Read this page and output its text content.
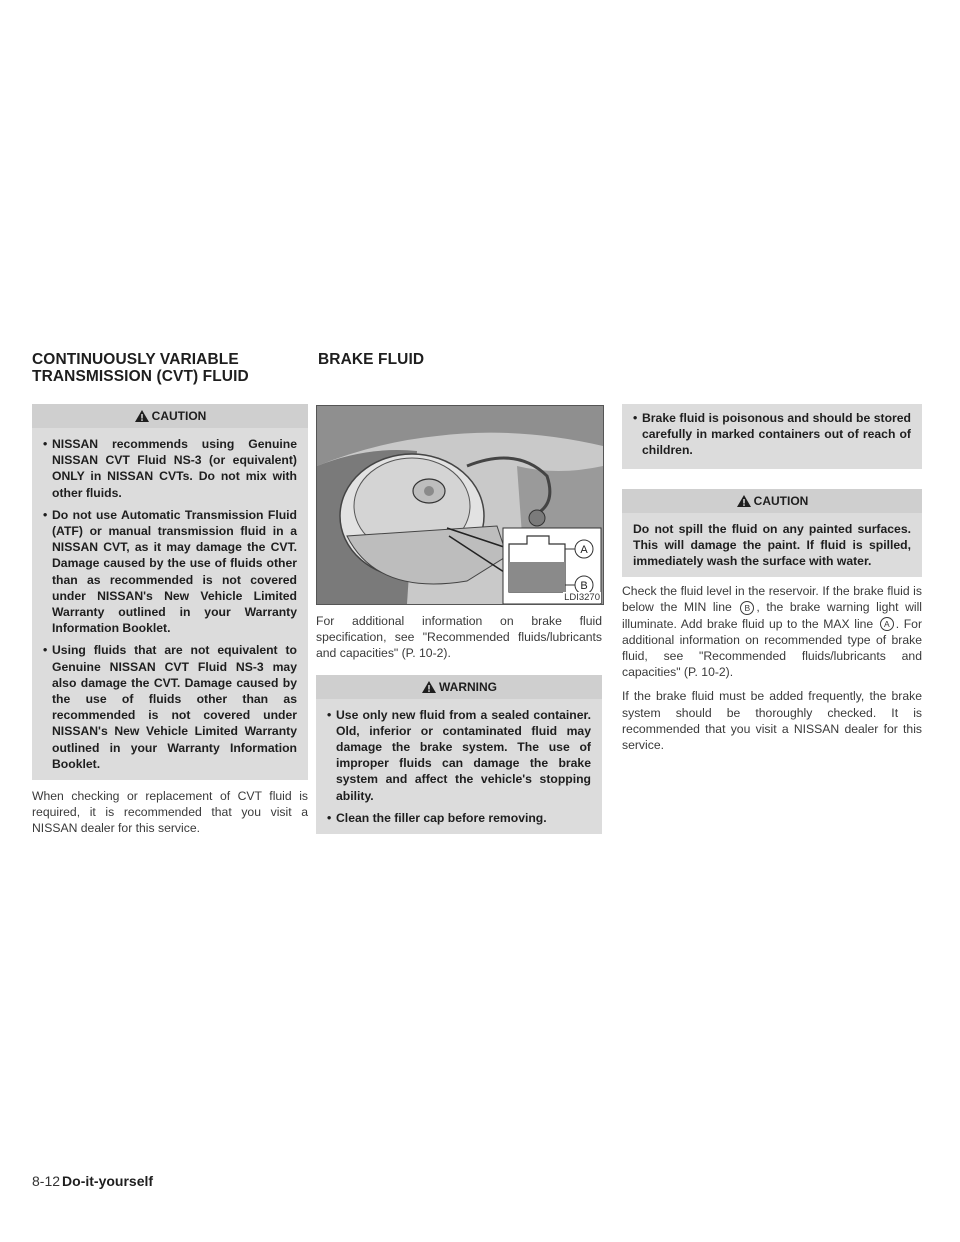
CONTINUOUSLY VARIABLE
TRANSMISSION (CVT) FLUID
BRAKE FLUID
CAUTION
• NISSAN recommends using Genuine NISSAN CVT Fluid NS-3 (or equivalent) ONLY in NISSAN CVTs. Do not mix with other fluids.
• Do not use Automatic Transmission Fluid (ATF) or manual transmission fluid in a NISSAN CVT, as it may damage the CVT. Damage caused by the use of fluids other than as recommended is not covered under NISSAN's New Vehicle Limited Warranty outlined in your Warranty Information Booklet.
• Using fluids that are not equivalent to Genuine NISSAN CVT Fluid NS-3 may also damage the CVT. Damage caused by the use of fluids other than as recommended is not covered under NISSAN's New Vehicle Limited Warranty outlined in your Warranty Information Booklet.

When checking or replacement of CVT fluid is required, it is recommended that you visit a NISSAN dealer for this service.

A
B
LDI3270

For additional information on brake fluid specification, see "Recommended fluids/lubricants and capacities" (P. 10-2).

WARNING
• Use only new fluid from a sealed container. Old, inferior or contaminated fluid may damage the brake system. The use of improper fluids can damage the brake system and affect the vehicle's stopping ability.
• Clean the filler cap before removing.
• Brake fluid is poisonous and should be stored carefully in marked containers out of reach of children.
CAUTION
Do not spill the fluid on any painted surfaces. This will damage the paint. If fluid is spilled, immediately wash the surface with water.

Check the fluid level in the reservoir. If the brake fluid is below the MIN line B , the brake warning light will illuminate. Add brake fluid up to the MAX line A . For additional information on recommended type of brake fluid, see "Recommended fluids/lubricants and capacities" (P. 10-2).

If the brake fluid must be added frequently, the brake system should be thoroughly checked. It is recommended that you visit a NISSAN dealer for this service.

8-12 Do-it-yourself
